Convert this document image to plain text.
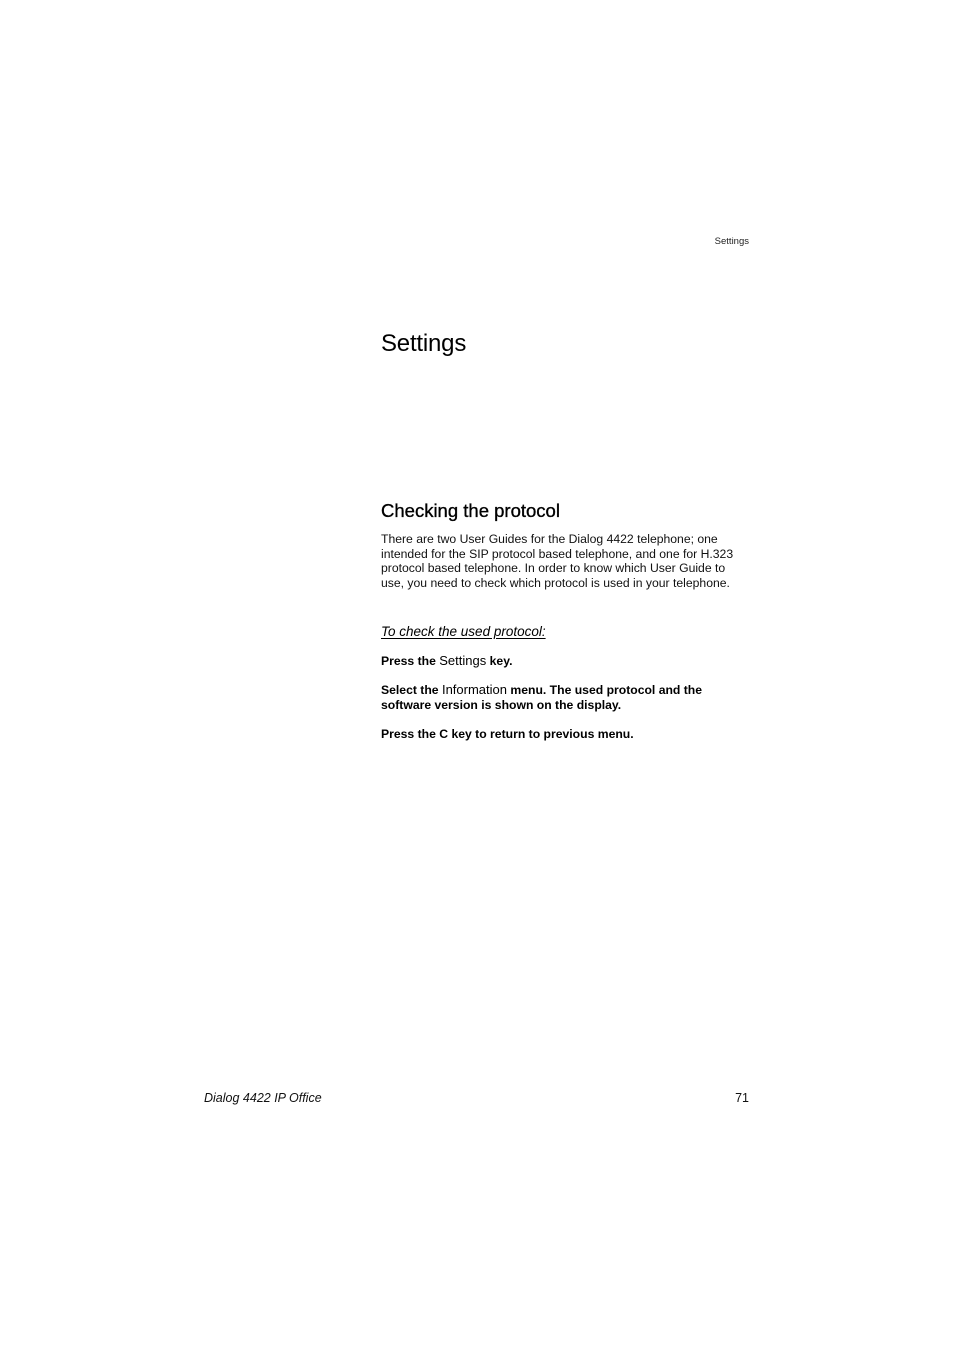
Settings
Settings
Checking the protocol

There are two User Guides for the Dialog 4422 telephone; one intended for the SIP protocol based telephone, and one for H.323 protocol based telephone. In order to know which User Guide to use, you need to check which protocol is used in your telephone.

To check the used protocol:

Press the Settings key.

Select the Information menu. The used protocol and the software version is shown on the display.

Press the C key to return to previous menu.

Dialog 4422 IP Office	71
